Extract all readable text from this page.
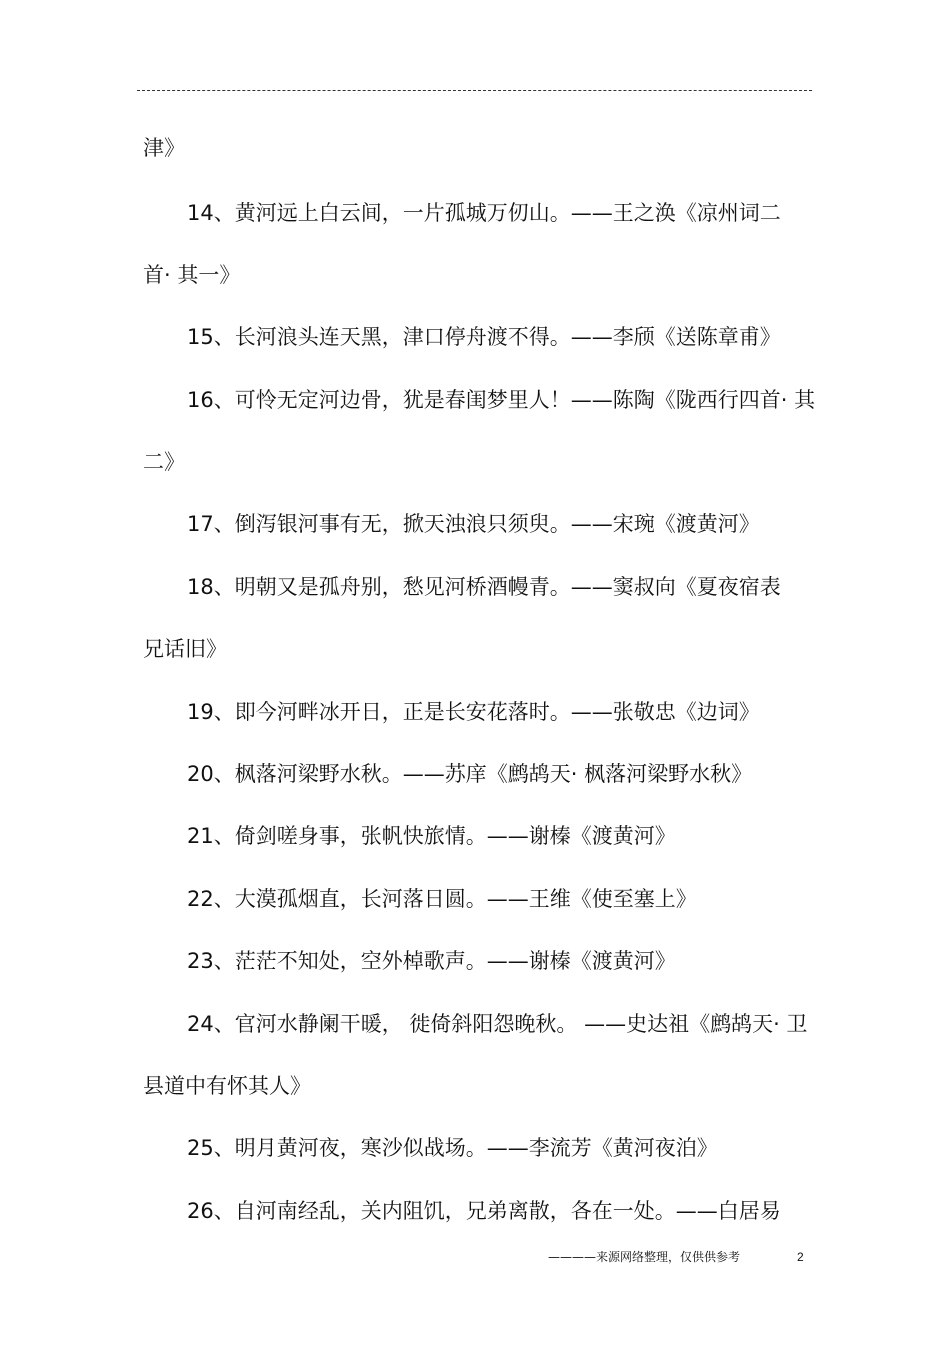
津》
14、黄河远上白云间，一片孤城万仞山。——王之涣《凉州词二
首· 其一》
15、长河浪头连天黑，津口停舟渡不得。——李颀《送陈章甫》
16、可怜无定河边骨，犹是春闺梦里人！——陈陶《陇西行四首· 其
二》
17、倒泻银河事有无，掀天浊浪只须臾。——宋琬《渡黄河》
18、明朝又是孤舟别，愁见河桥酒幔青。——窦叔向《夏夜宿表
兄话旧》
19、即今河畔冰开日，正是长安花落时。——张敬忠《边词》
20、枫落河梁野水秋。——苏庠《鹧鸪天· 枫落河梁野水秋》
21、倚剑嗟身事，张帆快旅情。——谢榛《渡黄河》
22、大漠孤烟直，长河落日圆。——王维《使至塞上》
23、茫茫不知处，空外棹歌声。——谢榛《渡黄河》
24、官河水静阑干暖， 徙倚斜阳怨晚秋。 ——史达祖《鹧鸪天· 卫
县道中有怀其人》
25、明月黄河夜，寒沙似战场。——李流芳《黄河夜泊》
26、自河南经乱，关内阻饥，兄弟离散，各在一处。——白居易
————来源网络整理，仅供供参考	2
